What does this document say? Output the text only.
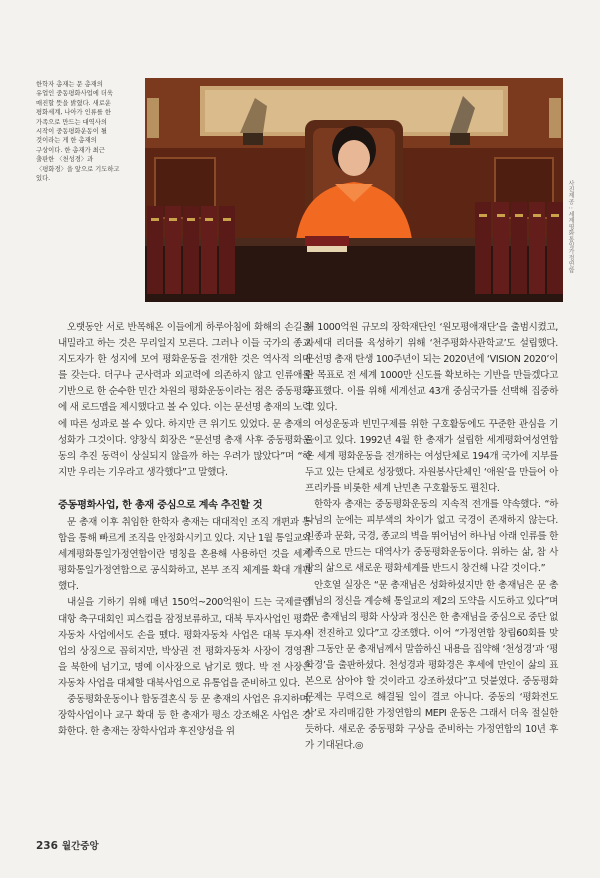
한학자 총재는 문 총재의 유업인 중동평화사업에 더욱 매진할 뜻을 밝혔다. 새로운 평화세계, 나아가 인류를 한 가족으로 만드는 대역사의 시작이 중동평화운동이 될 것이라는 게 한 총재의 구상이다. 한 총재가 최근 출판한 〈천성경〉과 〈평화경〉을 앞으로 기도하고 있다.
사진제공 : 세계평화통일가정연합

오랫동안 서로 반목해온 이들에게 하루아침에 화해의 손길을 내밀라고 하는 것은 무리일지 모른다. 그러나 이들 국가의 종교지도자가 한 성지에 모여 평화운동을 전개한 것은 역사적 의미를 갖는다. 더구나 군사력과 외교력에 의존하지 않고 인류애를 기반으로 한 순수한 민간 차원의 평화운동이라는 점은 중동평화에 새 로드맵을 제시했다고 볼 수 있다. 이는 문선명 총재의 노력에 따른 성과로 볼 수 있다. 하지만 큰 위기도 있었다. 문 총재의 성화가 그것이다. 양창식 회장은 “문선명 총재 사후 중동평화운동의 추진 동력이 상실되지 않을까 하는 우려가 많았다”며 “하지만 우리는 기우라고 생각했다”고 말했다.

중동평화사업, 한 총재 중심으로 계속 추진할 것

문 총재 이후 취임한 한학자 총재는 대대적인 조직 개편과 통합을 통해 빠르게 조직을 안정화시키고 있다. 지난 1월 통일교와 세계평화통일가정연합이란 명칭을 혼용해 사용하던 것을 세계평화통일가정연합으로 공식화하고, 본부 조직 체계를 확대 개편했다.

내실을 기하기 위해 매년 150억~200억원이 드는 국제클럽 대항 축구대회인 피스컵을 잠정보류하고, 대북 투자사업인 평화자동차 사업에서도 손을 뗐다. 평화자동차 사업은 대북 투자사업의 상징으로 꼽히지만, 박상권 전 평화자동차 사장이 경영권을 북한에 넘기고, 명예 이사장으로 남기로 했다. 박 전 사장은 자동차 사업을 대체할 대북사업으로 유통업을 준비하고 있다.

중동평화운동이나 합동결혼식 등 문 총재의 사업은 유지하며, 장학사업이나 교구 확대 등 한 총재가 평소 강조해온 사업은 강화한다. 한 총재는 장학사업과 후진양성을 위

해 1000억원 규모의 장학재단인 ‘원모평애재단’을 출범시켰고, 차세대 리더를 육성하기 위해 ‘천주평화사관학교’도 설립했다. 문선명 총재 탄생 100주년이 되는 2020년에 ‘VISION 2020’이란 목표로 전 세계 1000만 신도를 확보하는 기반을 만들겠다고 공표했다. 이를 위해 세계선교 43개 중심국가를 선택해 집중하고 있다.

여성운동과 빈민구제를 위한 구호활동에도 꾸준한 관심을 기울이고 있다. 1992년 4월 한 총재가 설립한 세계평화여성연합은 세계 평화운동을 전개하는 여성단체로 194개 국가에 지부를 두고 있는 단체로 성장했다. 자원봉사단체인 ‘애원’을 만들어 아프리카를 비롯한 세계 난민촌 구호활동도 펼친다.

한학자 총재는 중동평화운동의 지속적 전개를 약속했다. “하나님의 눈에는 피부색의 차이가 없고 국경이 존재하지 않는다. 인종과 문화, 국경, 종교의 벽을 뛰어넘어 하나님 아래 인류를 한 가족으로 만드는 대역사가 중동평화운동이다. 위하는 삶, 참 사랑의 삶으로 새로운 평화세계를 반드시 창건해 나갈 것이다.”

안호열 실장은 “문 총재님은 성화하셨지만 한 총재님은 문 총재님의 정신을 계승해 통일교의 제2의 도약을 시도하고 있다”며 “문 총재님의 평화 사상과 정신은 한 총재님을 중심으로 중단 없이 전진하고 있다”고 강조했다. 이어 “가정연합 창립60회를 맞아 그동안 문 총재님께서 말씀하신 내용을 집약해 ‘천성경’과 ‘평화경’을 출판하셨다. 천성경과 평화경은 후세에 만인이 삶의 표본으로 삼아야 할 것이라고 강조하셨다”고 덧붙였다. 중동평화 문제는 무력으로 해결될 일이 결코 아니다. 중동의 ‘평화전도사’로 자리매김한 가정연합의 MEPI 운동은 그래서 더욱 절실한 듯하다. 새로운 중동평화 구상을 준비하는 가정연합의 10년 후가 기대된다.◎

236 월간중앙
